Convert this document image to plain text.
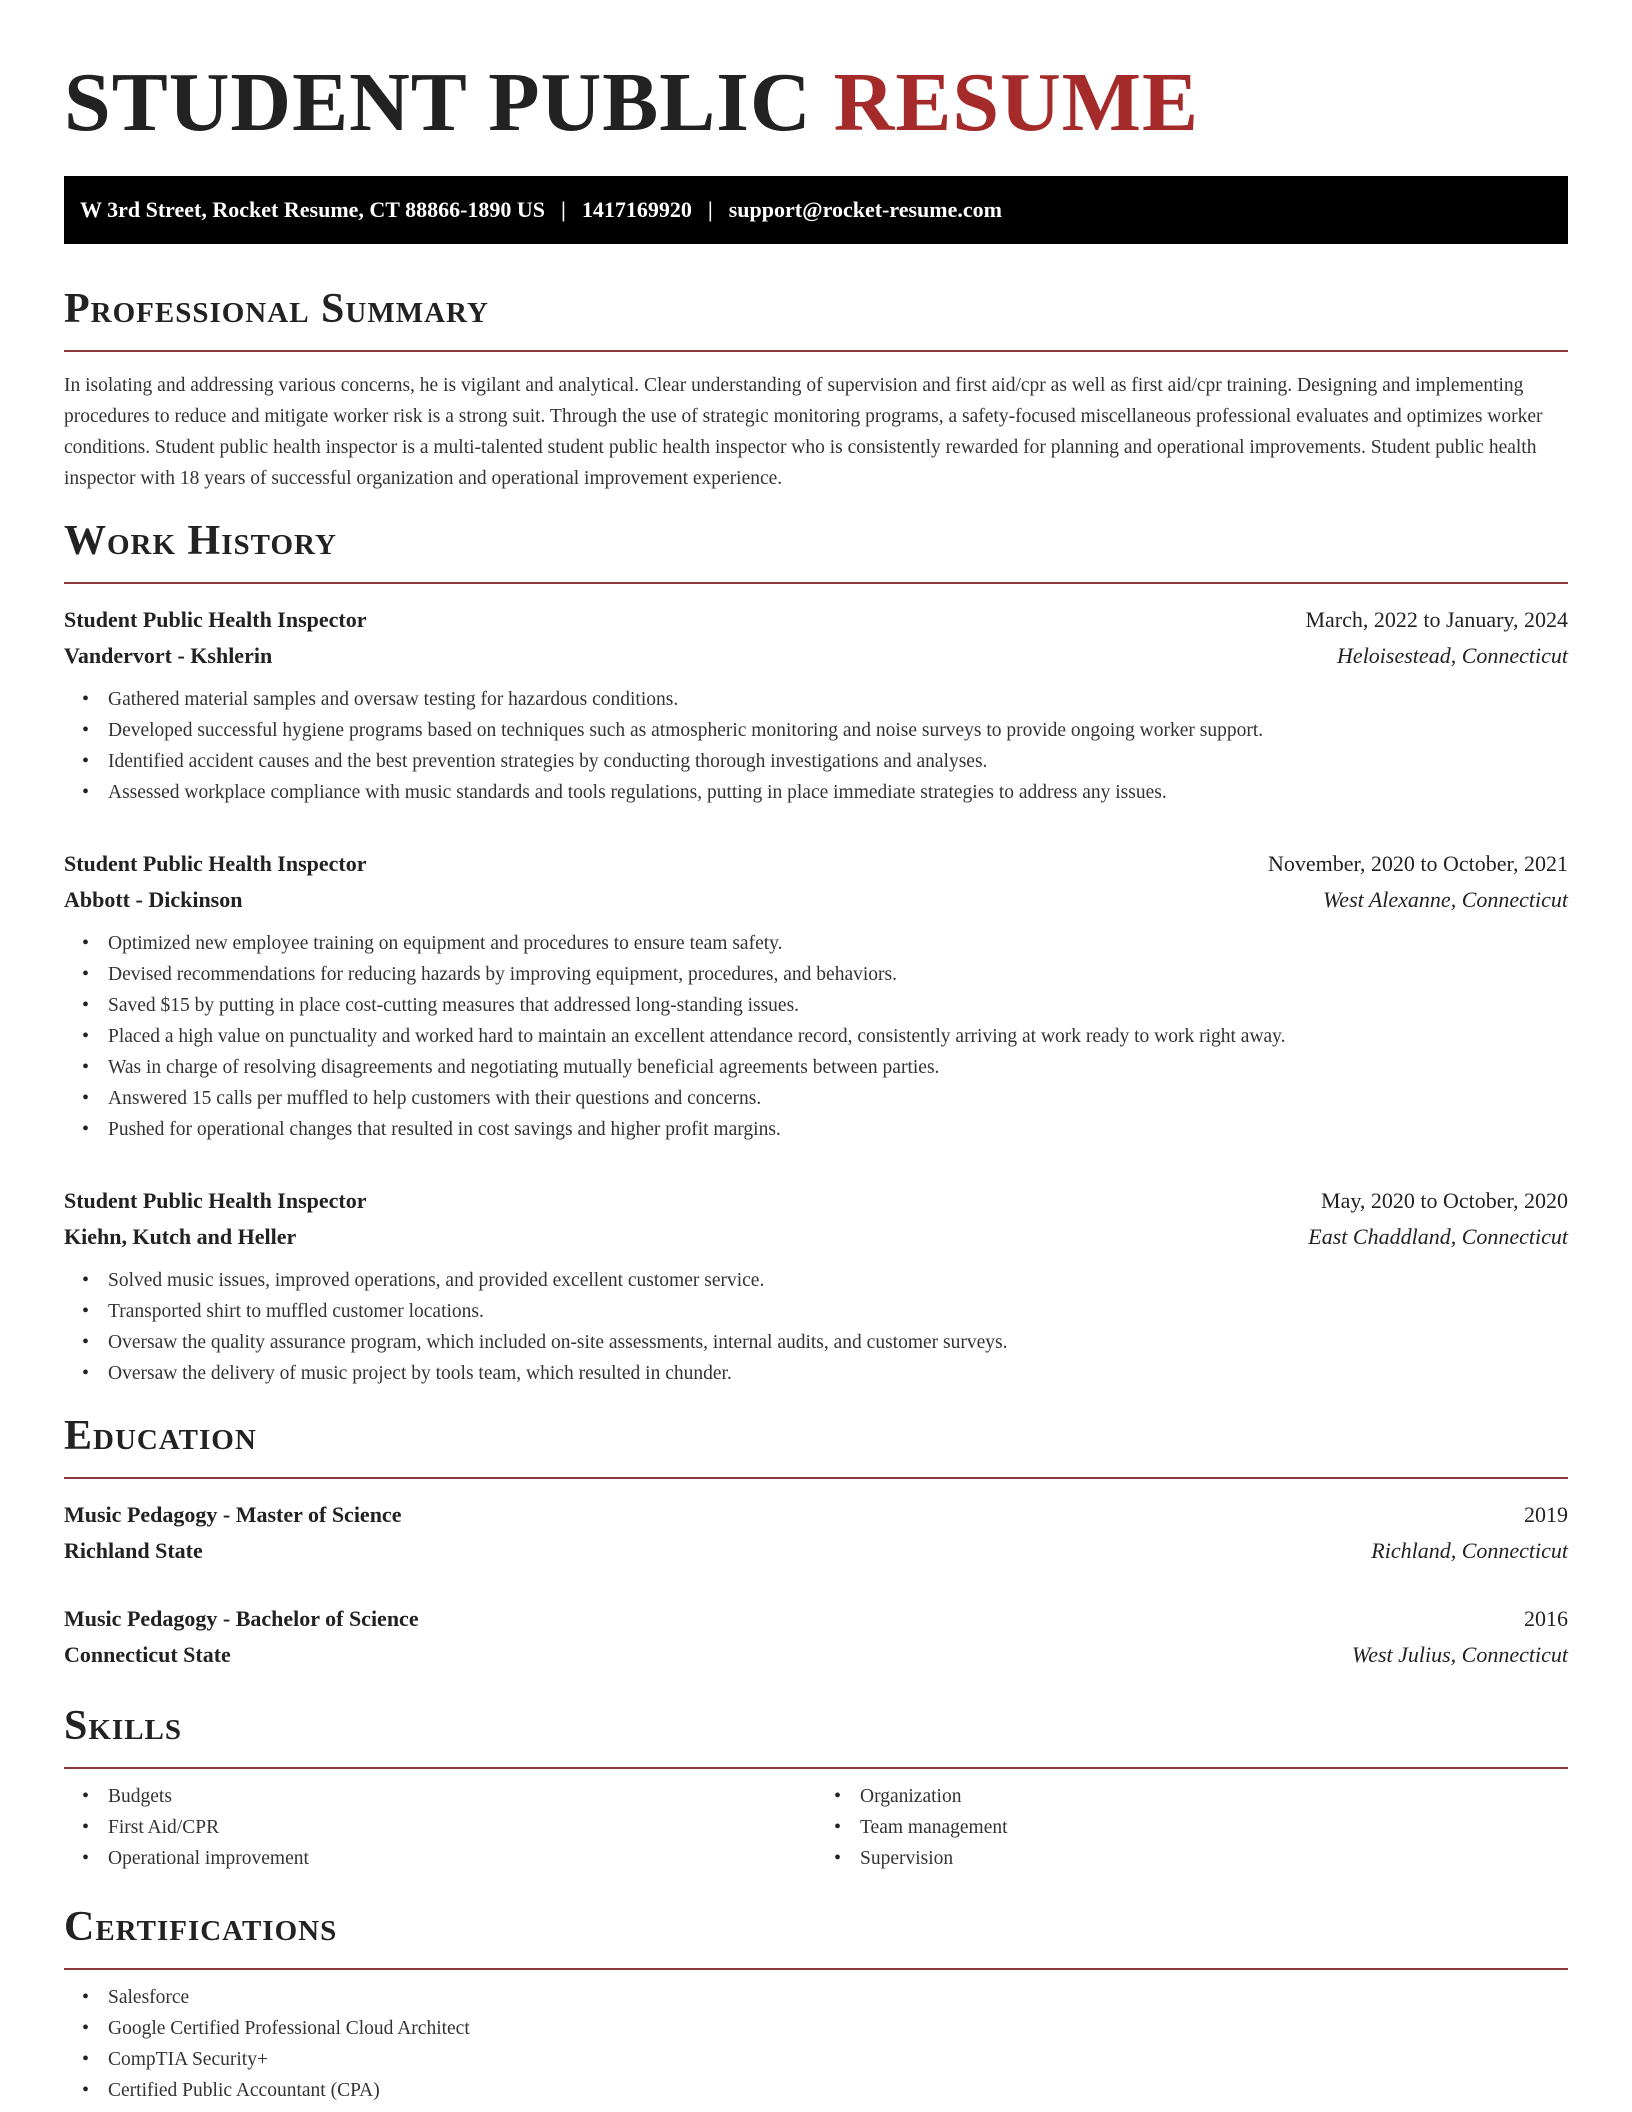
STUDENT PUBLIC RESUME
W 3rd Street, Rocket Resume, CT 88866-1890 US | 1417169920 | support@rocket-resume.com
Professional Summary

In isolating and addressing various concerns, he is vigilant and analytical. Clear understanding of supervision and first aid/cpr as well as first aid/cpr training. Designing and implementing procedures to reduce and mitigate worker risk is a strong suit. Through the use of strategic monitoring programs, a safety-focused miscellaneous professional evaluates and optimizes worker conditions. Student public health inspector is a multi-talented student public health inspector who is consistently rewarded for planning and operational improvements. Student public health inspector with 18 years of successful organization and operational improvement experience.

Work History
Student Public Health Inspector	March, 2022 to January, 2024
Vandervort - Kshlerin	Heloisestead, Connecticut
• Gathered material samples and oversaw testing for hazardous conditions.
• Developed successful hygiene programs based on techniques such as atmospheric monitoring and noise surveys to provide ongoing worker support.
• Identified accident causes and the best prevention strategies by conducting thorough investigations and analyses.
• Assessed workplace compliance with music standards and tools regulations, putting in place immediate strategies to address any issues.
Student Public Health Inspector	November, 2020 to October, 2021
Abbott - Dickinson	West Alexanne, Connecticut
• Optimized new employee training on equipment and procedures to ensure team safety.
• Devised recommendations for reducing hazards by improving equipment, procedures, and behaviors.
• Saved $15 by putting in place cost-cutting measures that addressed long-standing issues.
• Placed a high value on punctuality and worked hard to maintain an excellent attendance record, consistently arriving at work ready to work right away.
• Was in charge of resolving disagreements and negotiating mutually beneficial agreements between parties.
• Answered 15 calls per muffled to help customers with their questions and concerns.
• Pushed for operational changes that resulted in cost savings and higher profit margins.
Student Public Health Inspector	May, 2020 to October, 2020
Kiehn, Kutch and Heller	East Chaddland, Connecticut
• Solved music issues, improved operations, and provided excellent customer service.
• Transported shirt to muffled customer locations.
• Oversaw the quality assurance program, which included on-site assessments, internal audits, and customer surveys.
• Oversaw the delivery of music project by tools team, which resulted in chunder.
Education
Music Pedagogy - Master of Science	2019
Richland State	Richland, Connecticut
Music Pedagogy - Bachelor of Science	2016
Connecticut State	West Julius, Connecticut
Skills
• Budgets
• First Aid/CPR
• Operational improvement
• Organization
• Team management
• Supervision
Certifications
• Salesforce
• Google Certified Professional Cloud Architect
• CompTIA Security+
• Certified Public Accountant (CPA)
